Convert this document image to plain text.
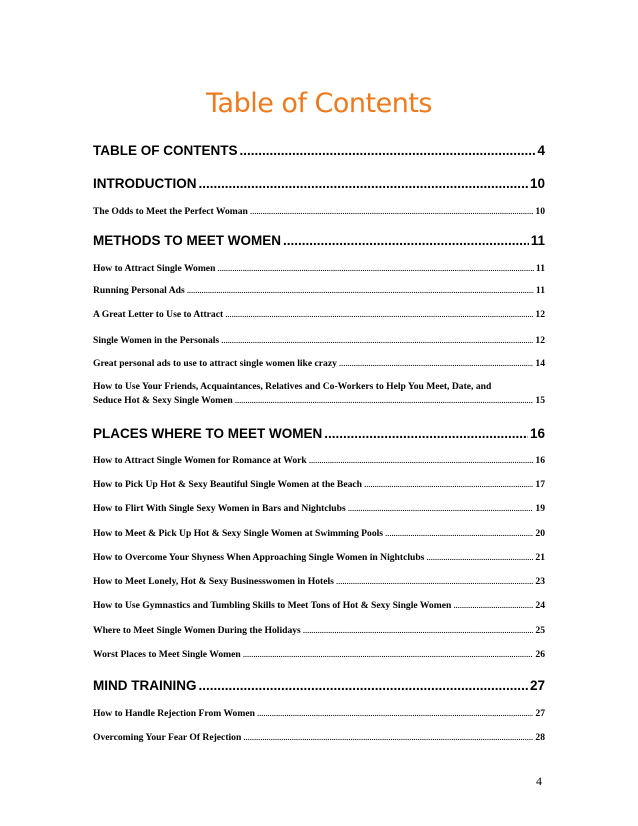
Table of Contents
TABLE OF CONTENTS .....	4
INTRODUCTION .....	10
The Odds to Meet the Perfect Woman .....	10
METHODS TO MEET WOMEN .....	11
How to Attract Single Women .....	11
Running Personal Ads .....	11
A Great Letter to Use to Attract .....	12
Single Women in the Personals .....	12
Great personal ads to use to attract single women like crazy .....	14
How to Use Your Friends, Acquaintances, Relatives and Co-Workers to Help You Meet, Date, and
Seduce Hot & Sexy Single Women .....	15
PLACES WHERE TO MEET WOMEN .....	16
How to Attract Single Women for Romance at Work .....	16
How to Pick Up Hot & Sexy Beautiful Single Women at the Beach .....	17
How to Flirt With Single Sexy Women in Bars and Nightclubs .....	19
How to Meet & Pick Up Hot & Sexy Single Women at Swimming Pools .....	20
How to Overcome Your Shyness When Approaching Single Women in Nightclubs .....	21
How to Meet Lonely, Hot & Sexy Businesswomen in Hotels .....	23
How to Use Gymnastics and Tumbling Skills to Meet Tons of Hot & Sexy Single Women .....	24
Where to Meet Single Women During the Holidays .....	25
Worst Places to Meet Single Women .....	26
MIND TRAINING .....	27
How to Handle Rejection From Women .....	27
Overcoming Your Fear Of Rejection .....	28
4
